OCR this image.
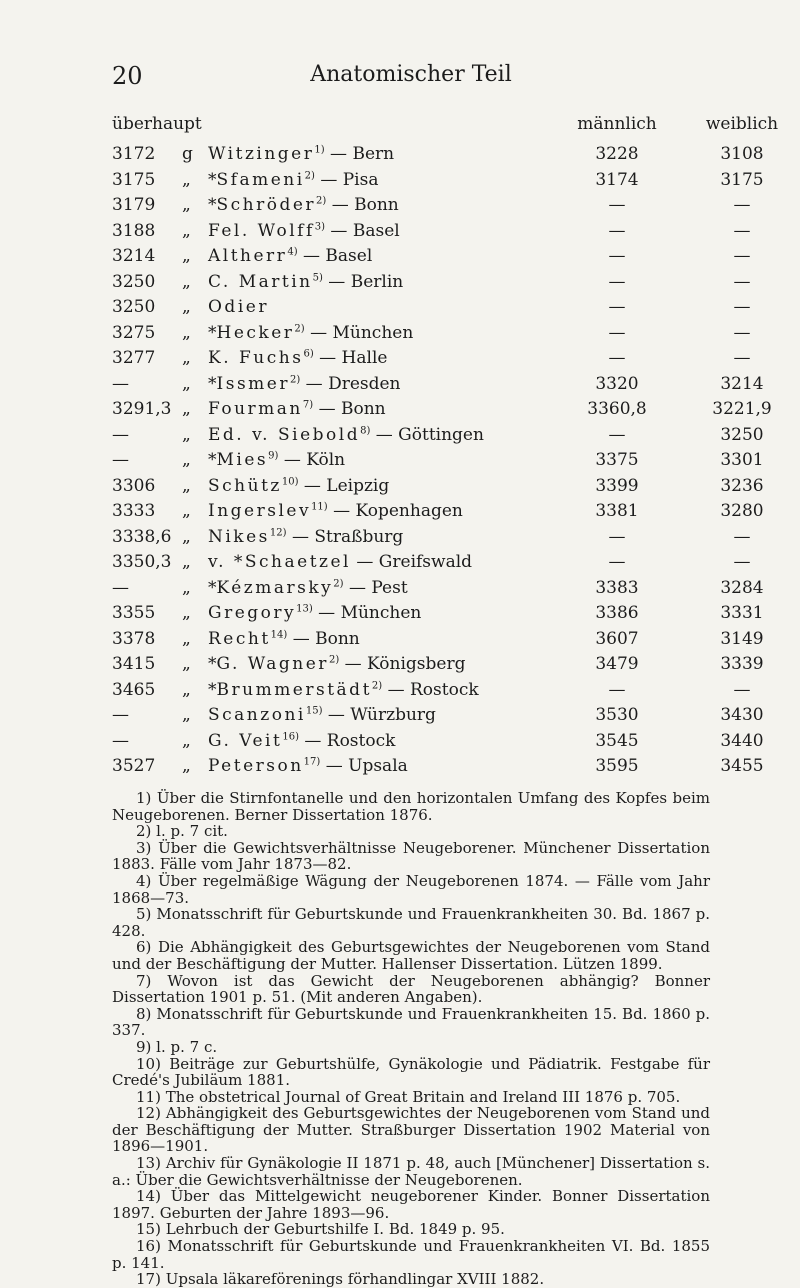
20	Anatomischer Teil
überhaupt	männlich	weiblich
3172	g Witzinger$^{1)}$ — Bern	3228	3108
3175	„	*Sfameni$^{2)}$ — Pisa	3174	3175
3179	„	*Schröder$^{2)}$ — Bonn	—	—
3188	„	Fel. Wolff$^{3)}$ — Basel	—	—
3214	„	Altherr$^{4)}$ — Basel	—	—
3250	„	C. Martin$^{5)}$ — Berlin	—	—
3250	„	Odier	—	—
3275	„	*Hecker$^{2)}$ — München	—	—
3277	„	K. Fuchs$^{6)}$ — Halle	—	—
—	„	*Issmer$^{2)}$ — Dresden	3320	3214
3291,3 „	Fourman$^{7)}$ — Bonn	3360,8	3221,9
—	„	Ed. v. Siebold$^{8)}$ — Göttingen	—	3250
—	„	*Mies$^{9)}$ — Köln	3375	3301
3306	„	Schütz$^{10)}$ — Leipzig	3399	3236
3333	„	Ingerslev$^{11)}$ — Kopenhagen	3381	3280
3338,6 „	Nikes$^{12)}$ — Straßburg	—	—
3350,3 „	v. *Schaetzel — Greifswald	—	—
—	„	*Kézmarsky$^{2)}$ — Pest	3383	3284
3355	„	Gregory$^{13)}$ — München	3386	3331
3378	„	Recht$^{14)}$ — Bonn	3607	3149
3415	„	*G. Wagner$^{2)}$ — Königsberg	3479	3339
3465	„	*Brummerstädt$^{2)}$ — Rostock	—	—
—	„	Scanzoni$^{15)}$ — Würzburg	3530	3430
—	„	G. Veit$^{16)}$ — Rostock	3545	3440
3527	„	Peterson$^{17)}$ — Upsala	3595	3455
1) Über die Stirnfontanelle und den horizontalen Umfang des Kopfes beim Neugeborenen. Berner Dissertation 1876.
2) l. p. 7 cit.
3) Über die Gewichtsverhältnisse Neugeborener. Münchener Dissertation 1883. Fälle vom Jahr 1873—82.
4) Über regelmäßige Wägung der Neugeborenen 1874. — Fälle vom Jahr 1868—73.
5) Monatsschrift für Geburtskunde und Frauenkrankheiten 30. Bd. 1867 p. 428.
6) Die Abhängigkeit des Geburtsgewichtes der Neugeborenen vom Stand und der Beschäftigung der Mutter. Hallenser Dissertation. Lützen 1899.
7) Wovon ist das Gewicht der Neugeborenen abhängig? Bonner Dissertation 1901 p. 51. (Mit anderen Angaben).
8) Monatsschrift für Geburtskunde und Frauenkrankheiten 15. Bd. 1860 p. 337.
9) l. p. 7 c.
10) Beiträge zur Geburtshülfe, Gynäkologie und Pädiatrik. Festgabe für Credé's Jubiläum 1881.
11) The obstetrical Journal of Great Britain and Ireland III 1876 p. 705.
12) Abhängigkeit des Geburtsgewichtes der Neugeborenen vom Stand und der Beschäftigung der Mutter. Straßburger Dissertation 1902 Material von 1896—1901.
13) Archiv für Gynäkologie II 1871 p. 48, auch [Münchener] Dissertation s. a.: Über die Gewichtsverhältnisse der Neugeborenen.
14) Über das Mittelgewicht neugeborener Kinder. Bonner Dissertation 1897. Geburten der Jahre 1893—96.
15) Lehrbuch der Geburtshilfe I. Bd. 1849 p. 95.
16) Monatsschrift für Geburtskunde und Frauenkrankheiten VI. Bd. 1855 p. 141.
17) Upsala läkareförenings förhandlingar XVIII 1882.
